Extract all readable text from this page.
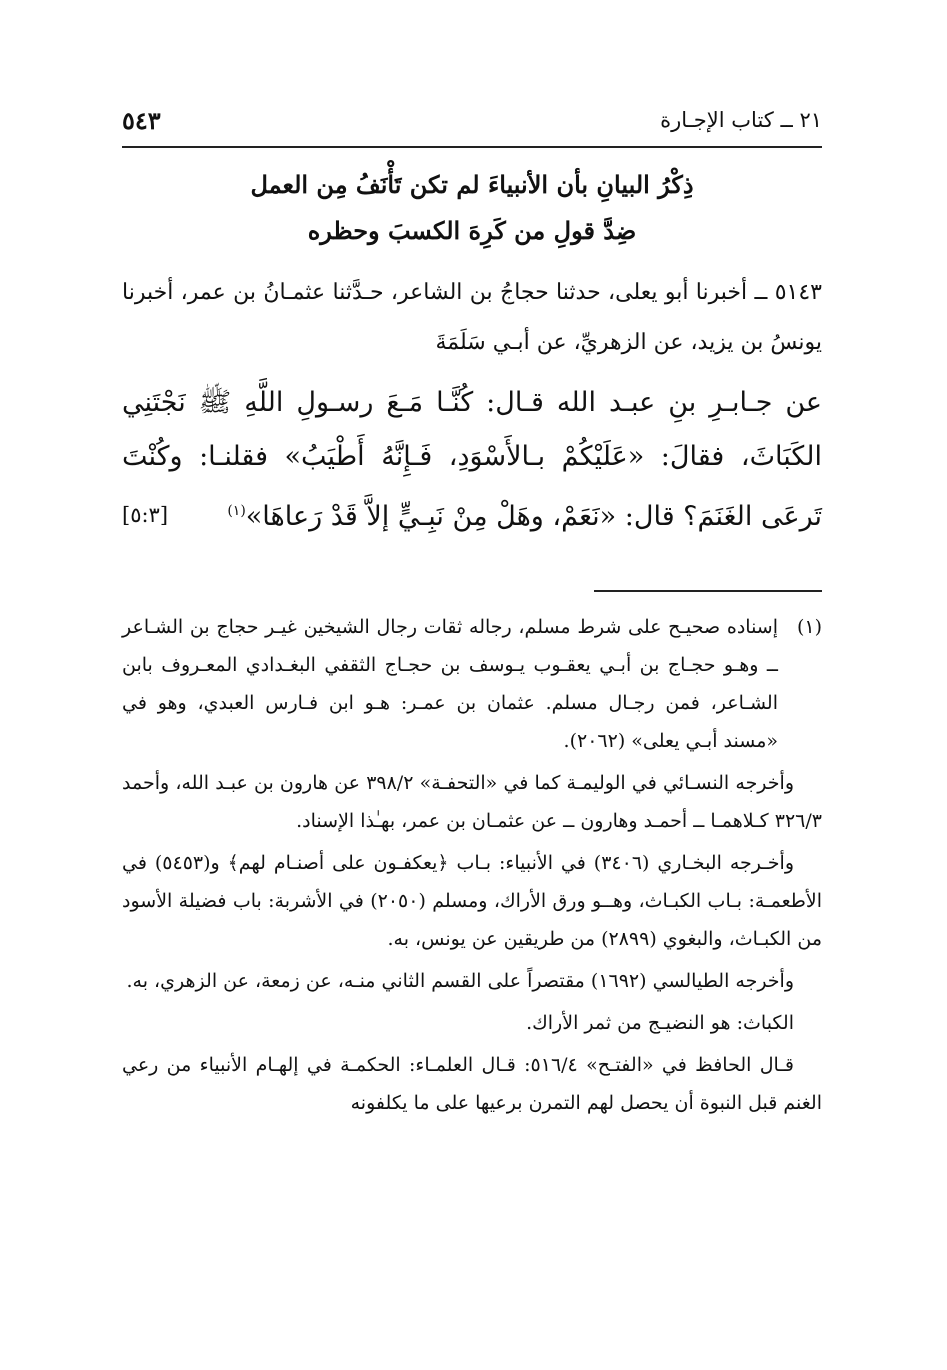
٥٤٣	٢١ ــ كتاب الإجـارة
ذِكْرُ البيانِ بأن الأنبياءَ لم تكن تَأْنَفُ مِن العمل
ضِدَّ قولِ من كَرِهَ الكسبَ وحظره
٥١٤٣ ــ أخبرنا أبو يعلى، حدثنا حجاجُ بن الشاعر، حـدَّثنا عثمـانُ بن عمر، أخبرنا يونسُ بن يزيد، عن الزهريِّ، عن أبـي سَلَمَةَ
عن جـابـرِ بنِ عبـد الله قـال: كُنَّـا مَـعَ رسـولِ اللَّهِ ﷺ نَجْتَنِي الكَبَاثَ، فقالَ: «عَلَيْكُمْ بـالأَسْوَدِ، فَـإِنَّهُ أَطْيَبُ» فقلنـا: وكُنْتَ تَرعَى الغَنَمَ؟ قال: «نَعَمْ، وهَلْ مِنْ نَبِـيٍّ إلاَّ قَدْ رَعاهَا»$^{(١)}$
[٥:٣]
(١)
إسناده صحيـح على شرط مسلم، رجاله ثقات رجال الشيخين غيـر حجاج بن الشـاعر ــ وهـو حجـاج بن أبـي يعقـوب يـوسف بن حجـاج الثقفي البغـدادي المعـروف بابن الشـاعر، فمن رجـال مسلم. عثمان بن عمـر: هـو ابن فـارس العبدي، وهو في «مسند أبـي يعلى» (٢٠٦٢).

وأخرجه النسـائي في الوليمـة كما في «التحفـة» ٣٩٨/٢ عن هارون بن عبـد الله، وأحمد ٣٢٦/٣ كـلاهمـا ــ أحمـد وهارون ــ عن عثمـان بن عمر، بهـٰذا الإسناد.

وأخـرجه البخـاري (٣٤٠٦) في الأنبياء: بـاب ﴿يعكفـون على أصنـام لهم﴾ و(٥٤٥٣) في الأطعمـة: بـاب الكبـاث، وهــو ورق الأراك، ومسلم (٢٠٥٠) في الأشربة: باب فضيلة الأسود من الكبـاث، والبغوي (٢٨٩٩) من طريقين عن يونس، به.

وأخرجه الطيالسي (١٦٩٢) مقتصراً على القسم الثاني منـه، عن زمعة، عن الزهري، به.

الكباث: هو النضيـج من ثمر الأراك.

قـال الحافظ في «الفتـح» ٥١٦/٤: قـال العلمـاء: الحكمـة في إلهـام الأنبياء من رعي الغنم قبل النبوة أن يحصل لهم التمرن برعيها على ما يكلفونه
